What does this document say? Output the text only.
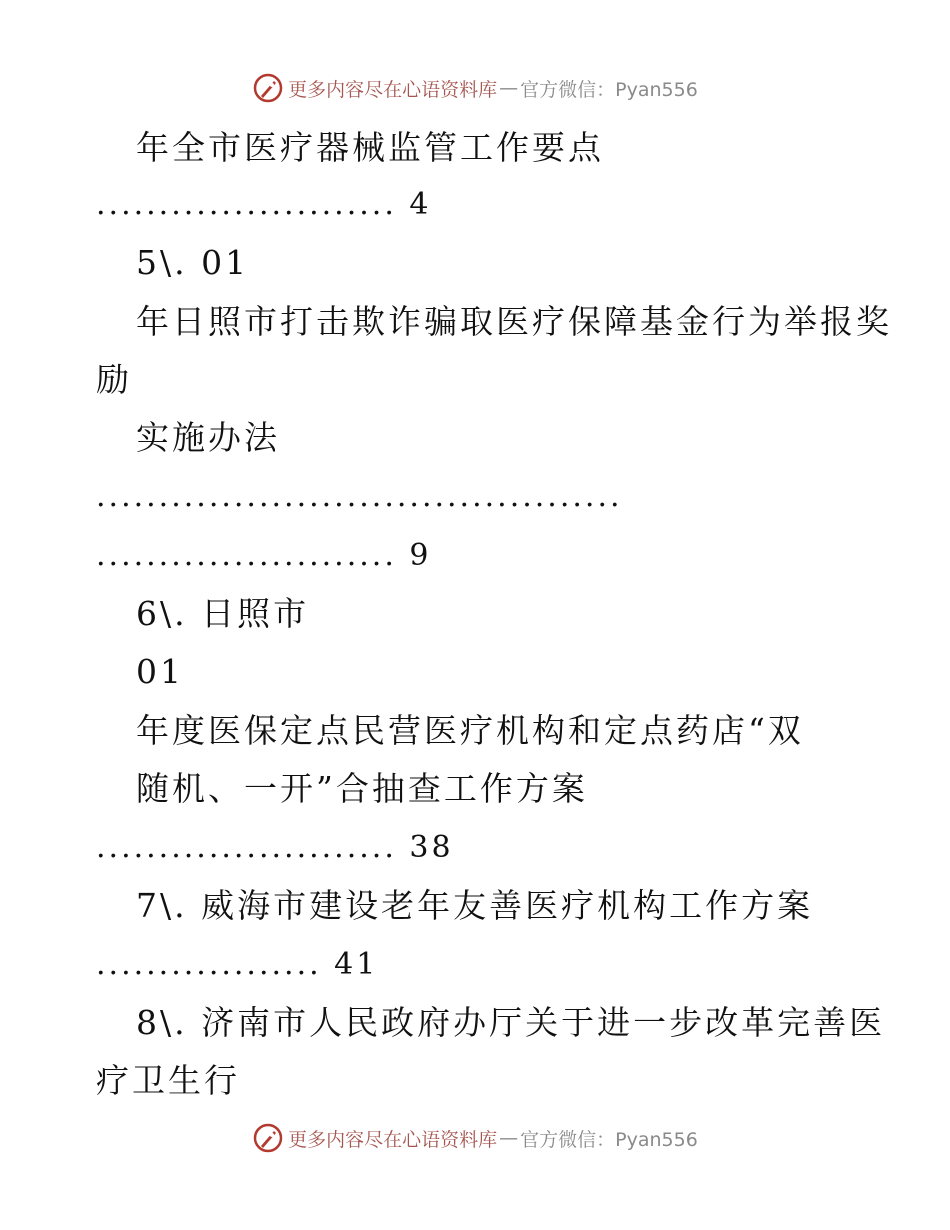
更多内容尽在心语资料库 — 官方微信：Pyan556
年全市医疗器械监管工作要点
........................ 4
5\. 01
年日照市打击欺诈骗取医疗保障基金行为举报奖
励
实施办法
..........................................
........................ 9
6\. 日照市
01
年度医保定点民营医疗机构和定点药店“双
随机、一开”合抽查工作方案
........................ 38
7\. 威海市建设老年友善医疗机构工作方案
.................. 41
8\. 济南市人民政府办厅关于进一步改革完善医
疗卫生行
更多内容尽在心语资料库 — 官方微信：Pyan556
